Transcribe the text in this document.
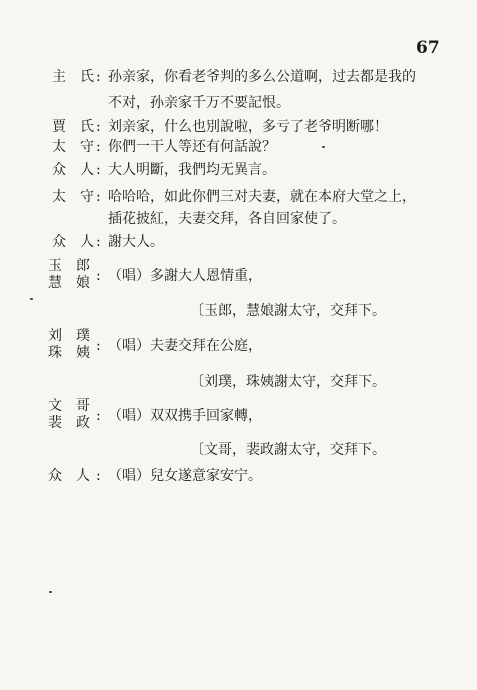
67
主　氏 : 孙亲家，你看老爷判的多么公道啊，过去都是我的
不对，孙亲家千万不要記恨。
賈　氏 : 刘亲家，什么也別說啦，多亏了老爷明断哪！
太　守 : 你們一干人等还有何話說？
众　人 : 大人明斷，我們均无異言。
太　守 : 哈哈哈，如此你們三对夫妻，就在本府大堂之上，
插花披紅，夫妻交拜，各自回家使了。
众　人 : 謝大人。
玉　郎
慧　娘 : （唱）多謝大人恩情重，
〔玉郎，慧娘謝太守，交拜下。
刘　璞
珠　姨 : （唱）夫妻交拜在公庭，
〔刘璞，珠姨謝太守，交拜下。
文　哥
裴　政 : （唱）双双携手回家轉，
〔文哥，裴政謝太守，交拜下。
众　人 : （唱）兒女遂意家安宁。
